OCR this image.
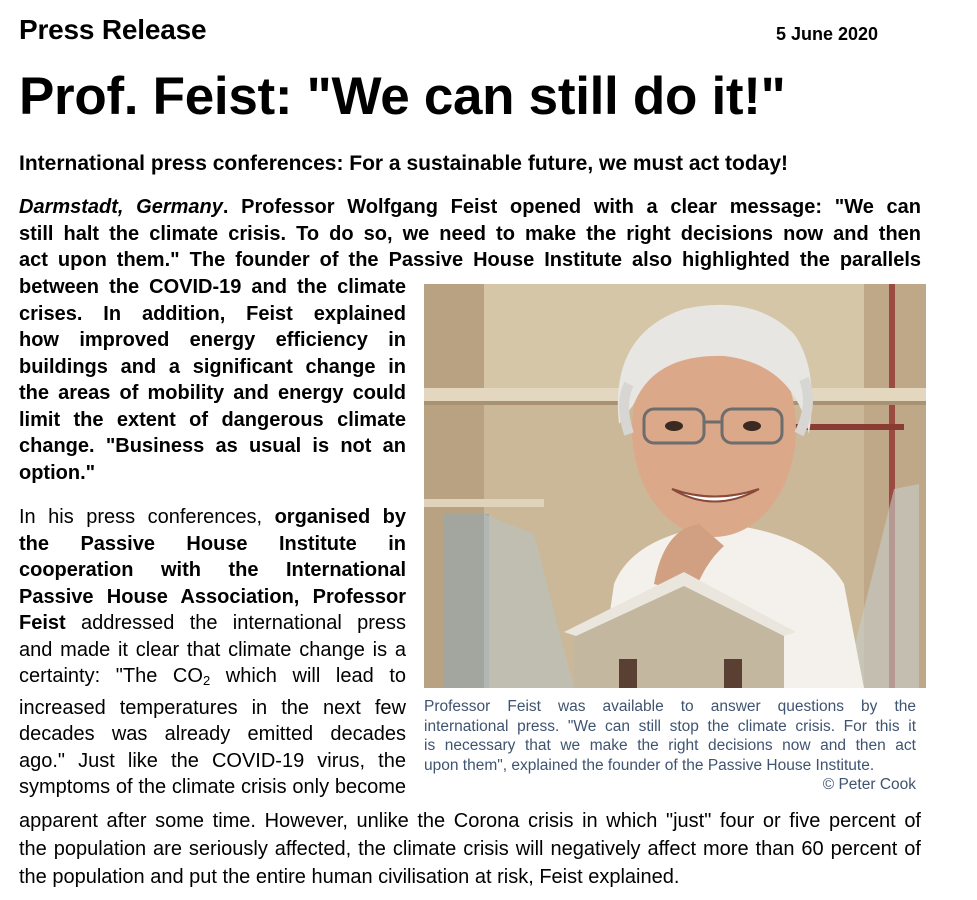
Press Release	5 June 2020
Prof. Feist: "We can still do it!"
International press conferences: For a sustainable future, we must act today!
Darmstadt, Germany. Professor Wolfgang Feist opened with a clear message: "We can
still halt the climate crisis. To do so, we need to make the right decisions now and then
act upon them." The founder of the Passive House Institute also highlighted the parallels
between the COVID-19 and the climate
crises. In addition, Feist explained
how improved energy efficiency in
buildings and a significant change in
the areas of mobility and energy could
limit the extent of dangerous climate
change. "Business as usual is not an
option."
In his press conferences, organised by
the Passive House Institute in
cooperation with the International
Passive House Association, Professor
Feist addressed the international press
and made it clear that climate change is a
certainty: "The CO2 which will lead to
increased temperatures in the next few
decades was already emitted decades
ago." Just like the COVID-19 virus, the
symptoms of the climate crisis only become
apparent after some time. However, unlike the Corona crisis in which "just" four or five percent of
the population are seriously affected, the climate crisis will negatively affect more than 60 percent of
the population and put the entire human civilisation at risk, Feist explained.
Professor Feist was available to answer questions by the
international press. "We can still stop the climate crisis. For this it
is necessary that we make the right decisions now and then act
upon them", explained the founder of the Passive House Institute.
© Peter Cook
